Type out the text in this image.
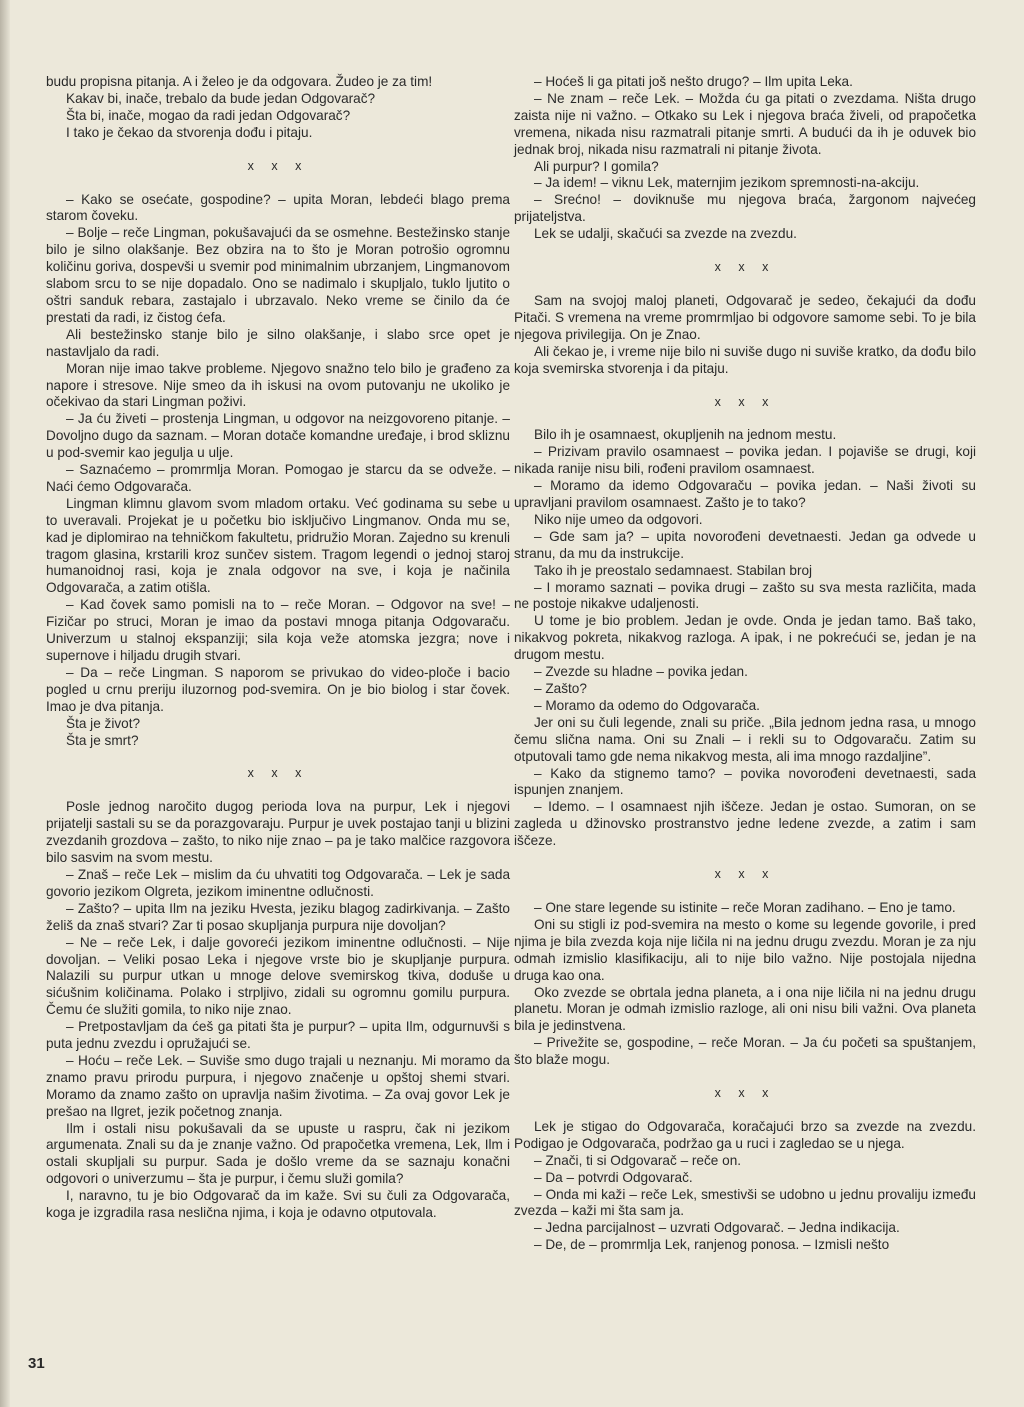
budu propisna pitanja. A i želeo je da odgovara. Žudeo je za tim!

Kakav bi, inače, trebalo da bude jedan Odgovarač?

Šta bi, inače, mogao da radi jedan Odgovarač?

I tako je čekao da stvorenja dođu i pitaju.

x x x

– Kako se osećate, gospodine? – upita Moran, lebdeći blago prema starom čoveku.

– Bolje – reče Lingman, pokušavajući da se osmehne. Bestežinsko stanje bilo je silno olakšanje. Bez obzira na to što je Moran potrošio ogromnu količinu goriva, dospevši u svemir pod minimalnim ubrzanjem, Lingmanovom slabom srcu to se nije dopadalo. Ono se nadimalo i skupljalo, tuklo ljutito o oštri sanduk rebara, zastajalo i ubrzavalo. Neko vreme se činilo da će prestati da radi, iz čistog ćefa.

Ali bestežinsko stanje bilo je silno olakšanje, i slabo srce opet je nastavljalo da radi.

Moran nije imao takve probleme. Njegovo snažno telo bilo je građeno za napore i stresove. Nije smeo da ih iskusi na ovom putovanju ne ukoliko je očekivao da stari Lingman poživi.

– Ja ću živeti – prostenja Lingman, u odgovor na neizgovoreno pitanje. – Dovoljno dugo da saznam. – Moran dotače komandne uređaje, i brod skliznu u pod-svemir kao jegulja u ulje.

– Saznaćemo – promrmlja Moran. Pomogao je starcu da se odveže. – Naći ćemo Odgovarača.

Lingman klimnu glavom svom mladom ortaku. Već godinama su sebe u to uveravali. Projekat je u početku bio isključivo Lingmanov. Onda mu se, kad je diplomirao na tehničkom fakultetu, pridružio Moran. Zajedno su krenuli tragom glasina, krstarili kroz sunčev sistem. Tragom legendi o jednoj staroj humanoidnoj rasi, koja je znala odgovor na sve, i koja je načinila Odgovarača, a zatim otišla.

– Kad čovek samo pomisli na to – reče Moran. – Odgovor na sve! – Fizičar po struci, Moran je imao da postavi mnoga pitanja Odgovaraču. Univerzum u stalnoj ekspanziji; sila koja veže atomska jezgra; nove i supernove i hiljadu drugih stvari.

– Da – reče Lingman. S naporom se privukao do video-ploče i bacio pogled u crnu preriju iluzornog pod-svemira. On je bio biolog i star čovek. Imao je dva pitanja.

Šta je život?

Šta je smrt?

x x x

Posle jednog naročito dugog perioda lova na purpur, Lek i njegovi prijatelji sastali su se da porazgovaraju. Purpur je uvek postajao tanji u blizini zvezdanih grozdova – zašto, to niko nije znao – pa je tako malčice razgovora bilo sasvim na svom mestu.

– Znaš – reče Lek – mislim da ću uhvatiti tog Odgovarača. – Lek je sada govorio jezikom Olgreta, jezikom iminentne odlučnosti.

– Zašto? – upita Ilm na jeziku Hvesta, jeziku blagog zadirkivanja. – Zašto želiš da znaš stvari? Zar ti posao skupljanja purpura nije dovoljan?

– Ne – reče Lek, i dalje govoreći jezikom iminentne odlučnosti. – Nije dovoljan. – Veliki posao Leka i njegove vrste bio je skupljanje purpura. Nalazili su purpur utkan u mnoge delove svemirskog tkiva, doduše u sićušnim količinama. Polako i strpljivo, zidali su ogromnu gomilu purpura. Čemu će služiti gomila, to niko nije znao.

– Pretpostavljam da ćeš ga pitati šta je purpur? – upita Ilm, odgurnuvši s puta jednu zvezdu i opružajući se.

– Hoću – reče Lek. – Suviše smo dugo trajali u neznanju. Mi moramo da znamo pravu prirodu purpura, i njegovo značenje u opštoj shemi stvari. Moramo da znamo zašto on upravlja našim životima. – Za ovaj govor Lek je prešao na Ilgret, jezik početnog znanja.

Ilm i ostali nisu pokušavali da se upuste u raspru, čak ni jezikom argumenata. Znali su da je znanje važno. Od prapočetka vremena, Lek, Ilm i ostali skupljali su purpur. Sada je došlo vreme da se saznaju konačni odgovori o univerzumu – šta je purpur, i čemu služi gomila?

I, naravno, tu je bio Odgovarač da im kaže. Svi su čuli za Odgovarača, koga je izgradila rasa neslična njima, i koja je odavno otputovala.

– Hoćeš li ga pitati još nešto drugo? – Ilm upita Leka.

– Ne znam – reče Lek. – Možda ću ga pitati o zvezdama. Ništa drugo zaista nije ni važno. – Otkako su Lek i njegova braća živeli, od prapočetka vremena, nikada nisu razmatrali pitanje smrti. A budući da ih je oduvek bio jednak broj, nikada nisu razmatrali ni pitanje života.

Ali purpur? I gomila?

– Ja idem! – viknu Lek, maternjim jezikom spremnosti-na-akciju.

– Srećno! – doviknuše mu njegova braća, žargonom najvećeg prijateljstva.

Lek se udalji, skačući sa zvezde na zvezdu.

x x x

Sam na svojoj maloj planeti, Odgovarač je sedeo, čekajući da dođu Pitači. S vremena na vreme promrmljao bi odgovore samome sebi. To je bila njegova privilegija. On je Znao.

Ali čekao je, i vreme nije bilo ni suviše dugo ni suviše kratko, da dođu bilo koja svemirska stvorenja i da pitaju.

x x x

Bilo ih je osamnaest, okupljenih na jednom mestu.

– Prizivam pravilo osamnaest – povika jedan. I pojaviše se drugi, koji nikada ranije nisu bili, rođeni pravilom osamnaest.

– Moramo da idemo Odgovaraču – povika jedan. – Naši životi su upravljani pravilom osamnaest. Zašto je to tako?

Niko nije umeo da odgovori.

– Gde sam ja? – upita novorođeni devetnaesti. Jedan ga odvede u stranu, da mu da instrukcije.

Tako ih je preostalo sedamnaest. Stabilan broj

– I moramo saznati – povika drugi – zašto su sva mesta različita, mada ne postoje nikakve udaljenosti.

U tome je bio problem. Jedan je ovde. Onda je jedan tamo. Baš tako, nikakvog pokreta, nikakvog razloga. A ipak, i ne pokrećući se, jedan je na drugom mestu.

– Zvezde su hladne – povika jedan.

– Zašto?

– Moramo da odemo do Odgovarača.

Jer oni su čuli legende, znali su priče. „Bila jednom jedna rasa, u mnogo čemu slična nama. Oni su Znali – i rekli su to Odgovaraču. Zatim su otputovali tamo gde nema nikakvog mesta, ali ima mnogo razdaljine”.

– Kako da stignemo tamo? – povika novorođeni devetnaesti, sada ispunjen znanjem.

– Idemo. – I osamnaest njih iščeze. Jedan je ostao. Sumoran, on se zagleda u džinovsko prostranstvo jedne ledene zvezde, a zatim i sam iščeze.

x x x

– One stare legende su istinite – reče Moran zadihano. – Eno je tamo.

Oni su stigli iz pod-svemira na mesto o kome su legende govorile, i pred njima je bila zvezda koja nije ličila ni na jednu drugu zvezdu. Moran je za nju odmah izmislio klasifikaciju, ali to nije bilo važno. Nije postojala nijedna druga kao ona.

Oko zvezde se obrtala jedna planeta, a i ona nije ličila ni na jednu drugu planetu. Moran je odmah izmislio razloge, ali oni nisu bili važni. Ova planeta bila je jedinstvena.

– Privežite se, gospodine, – reče Moran. – Ja ću početi sa spuštanjem, što blaže mogu.

x x x

Lek je stigao do Odgovarača, koračajući brzo sa zvezde na zvezdu. Podigao je Odgovarača, podržao ga u ruci i zagledao se u njega.

– Znači, ti si Odgovarač – reče on.

– Da – potvrdi Odgovarač.

– Onda mi kaži – reče Lek, smestivši se udobno u jednu provaliju između zvezda – kaži mi šta sam ja.

– Jedna parcijalnost – uzvrati Odgovarač. – Jedna indikacija.

– De, de – promrmlja Lek, ranjenog ponosa. – Izmisli nešto

31
